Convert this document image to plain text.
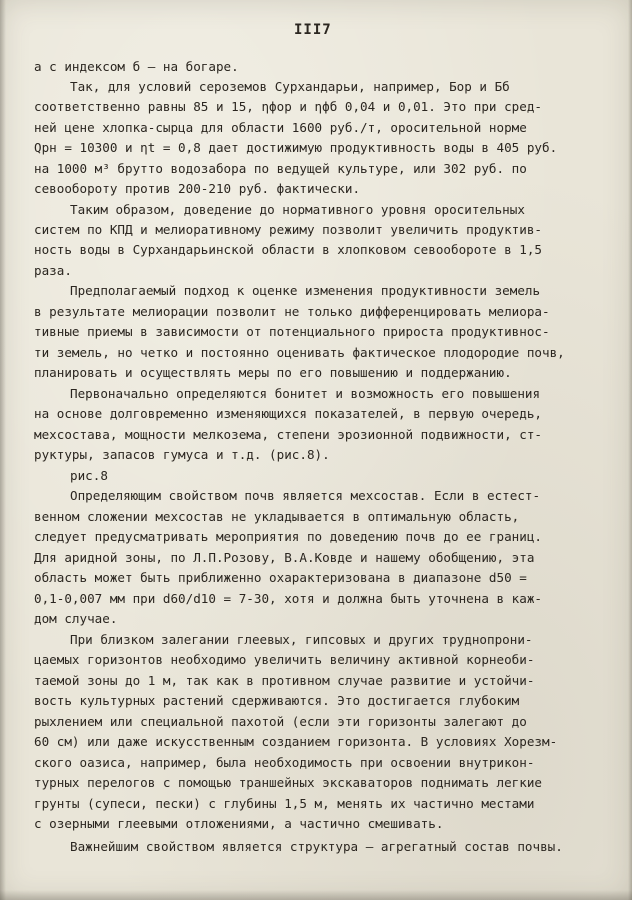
III7
а с индексом б – на богаре.
Так, для условий сероземов Сурхандарьи, например, Бор и Бб
соответственно равны 85 и 15, ηфор и ηфб 0,04 и 0,01. Это при сред-
ней цене хлопка-сырца для области 1600 руб./т, оросительной норме
Qрн = 10300 и ηt = 0,8 дает достижимую продуктивность воды в 405 руб.
на 1000 м³ брутто водозабора по ведущей культуре, или 302 руб. по
севообороту против 200-210 руб. фактически.
Таким образом, доведение до нормативного уровня оросительных
систем по КПД и мелиоративному режиму позволит увеличить продуктив-
ность воды в Сурхандарьинской области в хлопковом севообороте в 1,5
раза.
Предполагаемый подход к оценке изменения продуктивности земель
в результате мелиорации позволит не только дифференцировать мелиора-
тивные приемы в зависимости от потенциального прироста продуктивнос-
ти земель, но четко и постоянно оценивать фактическое плодородие почв,
планировать и осуществлять меры по его повышению и поддержанию.
Первоначально определяются бонитет и возможность его повышения
на основе долговременно изменяющихся показателей, в первую очередь,
мехсостава, мощности мелкозема, степени эрозионной подвижности, ст-
руктуры, запасов гумуса и т.д. (рис.8).
рис.8
Определяющим свойством почв является мехсостав. Если в естест-
венном сложении мехсостав не укладывается в оптимальную область,
следует предусматривать мероприятия по доведению почв до ее границ.
Для аридной зоны, по Л.П.Розову, В.А.Ковде и нашему обобщению, эта
область может быть приближенно охарактеризована в диапазоне d50 =
0,1-0,007 мм при d60/d10 = 7-30, хотя и должна быть уточнена в каж-
дом случае.
При близком залегании глеевых, гипсовых и других труднопрони-
цаемых горизонтов необходимо увеличить величину активной корнеоби-
таемой зоны до 1 м, так как в противном случае развитие и устойчи-
вость культурных растений сдерживаются. Это достигается глубоким
рыхлением или специальной пахотой (если эти горизонты залегают до
60 см) или даже искусственным созданием горизонта. В условиях Хорезм-
ского оазиса, например, была необходимость при освоении внутрикон-
турных перелогов с помощью траншейных экскаваторов поднимать легкие
грунты (супеси, пески) с глубины 1,5 м, менять их частично местами
с озерными глеевыми отложениями, а частично смешивать.
Важнейшим свойством является структура – агрегатный состав почвы.
